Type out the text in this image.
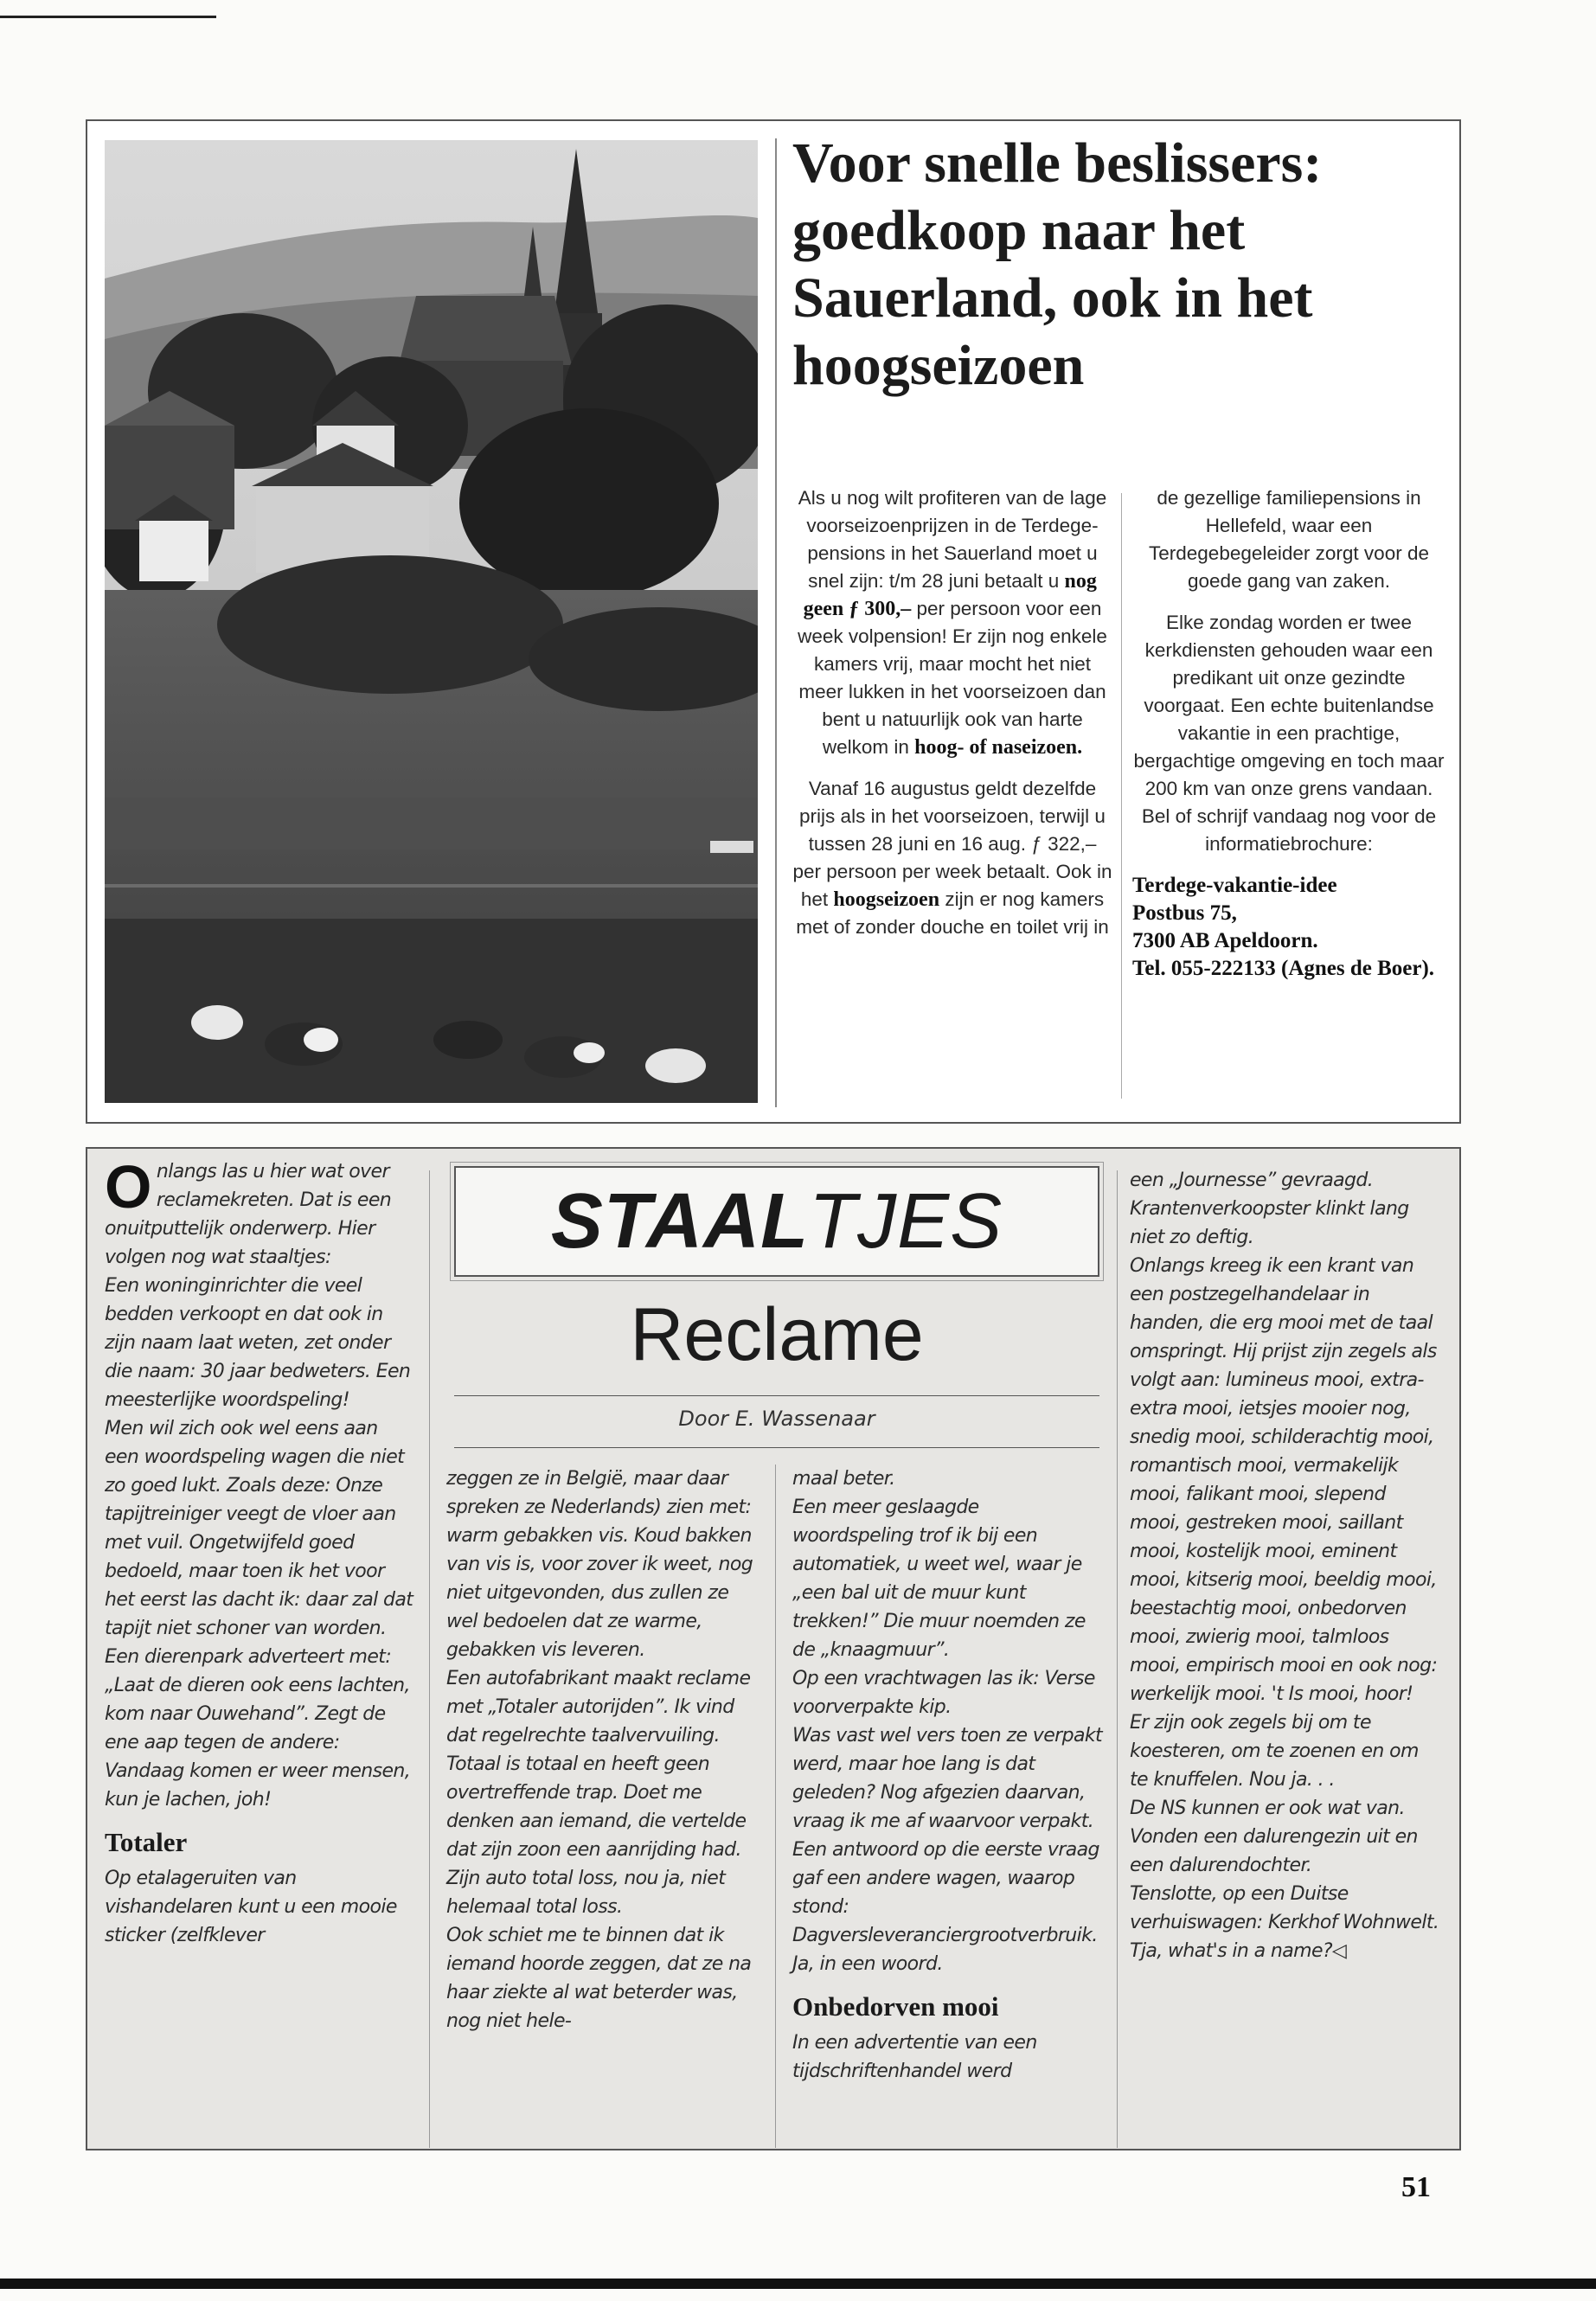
Voor snelle beslissers: goedkoop naar het Sauerland, ook in het hoogseizoen

Als u nog wilt profiteren van de lage voorseizoenprijzen in de Terdege-pensions in het Sauerland moet u snel zijn: t/m 28 juni betaalt u nog geen ƒ 300,– per persoon voor een week volpension! Er zijn nog enkele kamers vrij, maar mocht het niet meer lukken in het voorseizoen dan bent u natuurlijk ook van harte welkom in hoog- of naseizoen.

Vanaf 16 augustus geldt dezelfde prijs als in het voorseizoen, terwijl u tussen 28 juni en 16 aug. ƒ 322,– per persoon per week betaalt. Ook in het hoogseizoen zijn er nog kamers met of zonder douche en toilet vrij in

de gezellige familiepensions in Hellefeld, waar een Terdegebegeleider zorgt voor de goede gang van zaken.

Elke zondag worden er twee kerkdiensten gehouden waar een predikant uit onze gezindte voorgaat. Een echte buitenlandse vakantie in een prachtige, bergachtige omgeving en toch maar 200 km van onze grens vandaan. Bel of schrijf vandaag nog voor de informatiebrochure:

Terdege-vakantie-idee
Postbus 75,
7300 AB Apeldoorn.
Tel. 055-222133 (Agnes de Boer).

Onlangs las u hier wat over reclamekreten. Dat is een onuitputtelijk onderwerp. Hier volgen nog wat staaltjes:

Een woninginrichter die veel bedden verkoopt en dat ook in zijn naam laat weten, zet onder die naam: 30 jaar bedweters. Een meesterlijke woordspeling!

Men wil zich ook wel eens aan een woordspeling wagen die niet zo goed lukt. Zoals deze: Onze tapijtreiniger veegt de vloer aan met vuil. Ongetwijfeld goed bedoeld, maar toen ik het voor het eerst las dacht ik: daar zal dat tapijt niet schoner van worden.

Een dierenpark adverteert met: „Laat de dieren ook eens lachten, kom naar Ouwehand”. Zegt de ene aap tegen de andere: Vandaag komen er weer mensen, kun je lachen, joh!

Totaler

Op etalageruiten van vishandelaren kunt u een mooie sticker (zelfklever

STAALTJES
Reclame
Door E. Wassenaar

zeggen ze in België, maar daar spreken ze Nederlands) zien met: warm gebakken vis. Koud bakken van vis is, voor zover ik weet, nog niet uitgevonden, dus zullen ze wel bedoelen dat ze warme, gebakken vis leveren.

Een autofabrikant maakt reclame met „Totaler autorijden”. Ik vind dat regelrechte taalvervuiling. Totaal is totaal en heeft geen overtreffende trap. Doet me denken aan iemand, die vertelde dat zijn zoon een aanrijding had. Zijn auto total loss, nou ja, niet helemaal total loss.

Ook schiet me te binnen dat ik iemand hoorde zeggen, dat ze na haar ziekte al wat beterder was, nog niet hele-

maal beter.

Een meer geslaagde woordspeling trof ik bij een automatiek, u weet wel, waar je „een bal uit de muur kunt trekken!” Die muur noemden ze de „knaagmuur”.

Op een vrachtwagen las ik: Verse voorverpakte kip.

Was vast wel vers toen ze verpakt werd, maar hoe lang is dat geleden? Nog afgezien daarvan, vraag ik me af waarvoor verpakt. Een antwoord op die eerste vraag gaf een andere wagen, waarop stond: Dagversleveranciergrootverbruik.

Ja, in een woord.

Onbedorven mooi

In een advertentie van een tijdschriftenhandel werd

een „Journesse” gevraagd. Krantenverkoopster klinkt lang niet zo deftig.

Onlangs kreeg ik een krant van een postzegelhandelaar in handen, die erg mooi met de taal omspringt. Hij prijst zijn zegels als volgt aan: lumineus mooi, extra-extra mooi, ietsjes mooier nog, snedig mooi, schilderachtig mooi, romantisch mooi, vermakelijk mooi, falikant mooi, slepend mooi, gestreken mooi, saillant mooi, kostelijk mooi, eminent mooi, kitserig mooi, beeldig mooi, beestachtig mooi, onbedorven mooi, zwierig mooi, talmloos mooi, empirisch mooi en ook nog: werkelijk mooi. 't Is mooi, hoor!

Er zijn ook zegels bij om te koesteren, om te zoenen en om te knuffelen. Nou ja. . .

De NS kunnen er ook wat van. Vonden een dalurengezin uit en een dalurendochter.

Tenslotte, op een Duitse verhuiswagen: Kerkhof Wohnwelt.

Tja, what's in a name?◁

51
